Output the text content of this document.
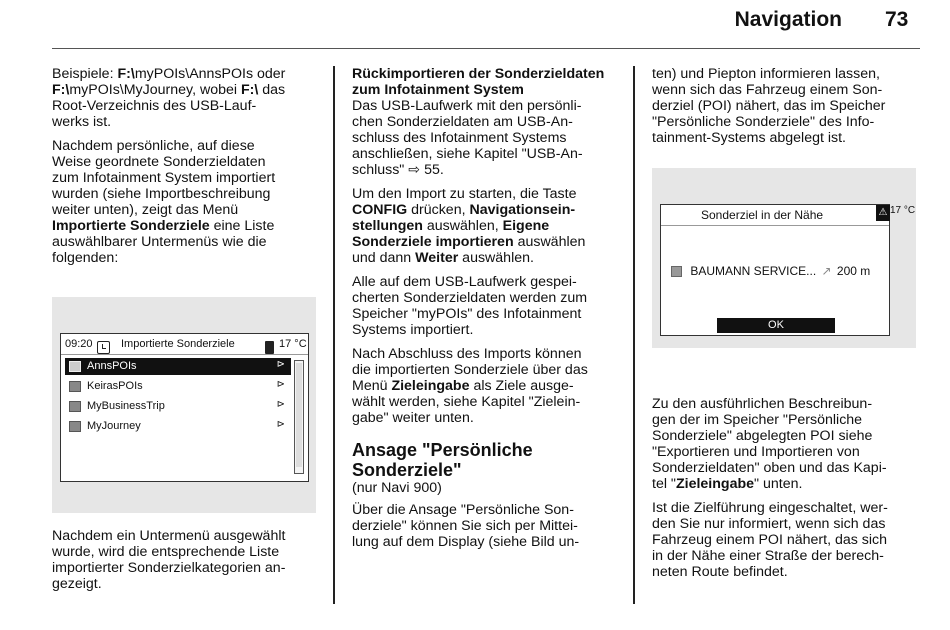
Navigation 73

Beispiele: F:\myPOIs\AnnsPOIs oder
F:\myPOIs\MyJourney, wobei F:\ das
Root-Verzeichnis des USB-Lauf-
werks ist.

Nachdem persönliche, auf diese
Weise geordnete Sonderzieldaten
zum Infotainment System importiert
wurden (siehe Importbeschreibung
weiter unten), zeigt das Menü
Importierte Sonderziele eine Liste
auswählbarer Untermenüs wie die
folgenden:

Nachdem ein Untermenü ausgewählt
wurde, wird die entsprechende Liste
importierter Sonderzielkategorien an-
gezeigt.

09:20	Importierte Sonderziele	17 °C
AnnsPOIs	⊳
KeirasPOIs	⊳
MyBusinessTrip	⊳
MyJourney	⊳

Rückimportieren der Sonderzieldaten
zum Infotainment System

Das USB-Laufwerk mit den persönli-
chen Sonderzieldaten am USB-An-
schluss des Infotainment Systems
anschließen, siehe Kapitel "USB-An-
schluss" ⇨ 55.

Um den Import zu starten, die Taste
CONFIG drücken, Navigationsein-
stellungen auswählen, Eigene
Sonderziele importieren auswählen
und dann Weiter auswählen.

Alle auf dem USB-Laufwerk gespei-
cherten Sonderzieldaten werden zum
Speicher "myPOIs" des Infotainment
Systems importiert.

Nach Abschluss des Imports können
die importierten Sonderziele über das
Menü Zieleingabe als Ziele ausge-
wählt werden, siehe Kapitel "Zielein-
gabe" weiter unten.

Ansage "Persönliche
Sonderziele"

(nur Navi 900)

Über die Ansage "Persönliche Son-
derziele" können Sie sich per Mittei-
lung auf dem Display (siehe Bild un-

ten) und Piepton informieren lassen,
wenn sich das Fahrzeug einem Son-
derziel (POI) nähert, das im Speicher
"Persönliche Sonderziele" des Info-
tainment-Systems abgelegt ist.

Sonderziel in der Nähe	⚠
BAUMANN SERVICE... ↗ 200 m
OK
17 °C

Zu den ausführlichen Beschreibun-
gen der im Speicher "Persönliche
Sonderziele" abgelegten POI siehe
"Exportieren und Importieren von
Sonderzieldaten" oben und das Kapi-
tel "Zieleingabe" unten.

Ist die Zielführung eingeschaltet, wer-
den Sie nur informiert, wenn sich das
Fahrzeug einem POI nähert, das sich
in der Nähe einer Straße der berech-
neten Route befindet.
